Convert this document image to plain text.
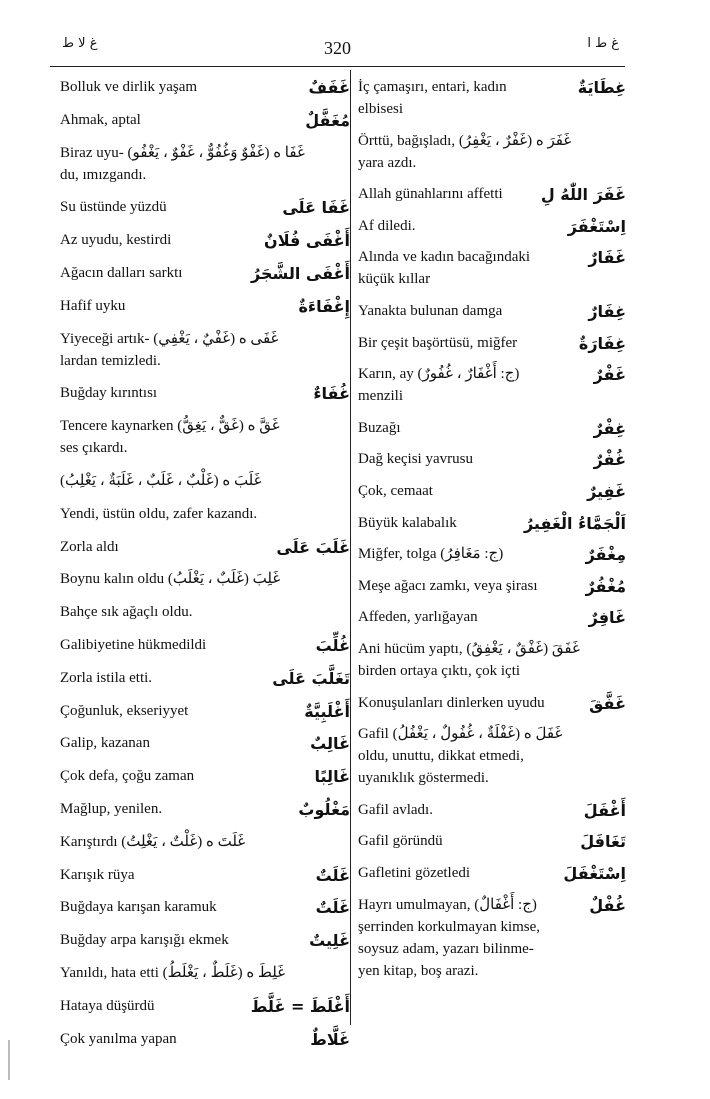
غ لا ط	320	غ ط ا
Bolluk ve dirlik yaşam	غَفَفٌ
Ahmak, aptal	مُغَفَّلٌ
Biraz uyu- (غَفْوٌ وَغُفُوٌّ ، غَفْوٌ ، يَغْفُو) غَفَا ه
du, ımızgandı.
Su üstünde yüzdü	غَفَا عَلَى
Az uyudu, kestirdi	أَغْفَى فُلَانٌ
Ağacın dalları sarktı	أَغْفَى الشَّجَرُ
Hafif uyku	إِغْفَاءَةٌ
Yiyeceği artık- (غَفْيٌ ، يَغْفِي) غَفَى ه
lardan temizledi.
Buğday kırıntısı	غُفَاءٌ
Tencere kaynarken (غَقٌّ ، يَغِقُّ) غَقَّ ه
ses çıkardı.
(غَلْبٌ ، غَلَبٌ ، غَلَبَةٌ ، يَغْلِبُ) غَلَبَ ه
Yendi, üstün oldu, zafer kazandı.
Zorla aldı	غَلَبَ عَلَى
Boynu kalın oldu (غَلَبٌ ، يَغْلَبُ) غَلِبَ
Bahçe sık ağaçlı oldu.
Galibiyetine hükmedildi	غُلِّبَ
Zorla istila etti.	تَغَلَّبَ عَلَى
Çoğunluk, ekseriyyet	أَغْلَبِيَّةٌ
Galip, kazanan	غَالِبٌ
Çok defa, çoğu zaman	غَالِبًا
Mağlup, yenilen.	مَغْلُوبٌ
Karıştırdı (غَلْتٌ ، يَغْلِتُ) غَلَتَ ه
Karışık rüya	غَلَتٌ
Buğdaya karışan karamuk	غَلَتٌ
Buğday arpa karışığı ekmek	غَلِيتٌ
Yanıldı, hata etti (غَلَطٌ ، يَغْلَطُ) غَلِطَ ه
Hataya düşürdü	أَغْلَطَ = غَلَّطَ
Çok yanılma yapan	غَلَّاطٌ
İç çamaşırı, entari, kadın
elbisesi
غِطَايَةٌ
Örttü, bağışladı, (غَفْرٌ ، يَغْفِرُ) غَفَرَ ه
yara azdı.
Allah günahlarını affetti	غَفَرَ اللّٰهُ لِ
Af diledi.	اِسْتَغْفَرَ
Alında ve kadın bacağındaki
küçük kıllar
غَفَارٌ
Yanakta bulunan damga	غِفَارٌ
Bir çeşit başörtüsü, miğfer	غِفَارَةٌ
Karın, ay (ج: أَغْفَارٌ ، غُفُورٌ)
menzili
غَفْرٌ
Buzağı	غِفْرٌ
Dağ keçisi yavrusu	غُفْرٌ
Çok, cemaat	غَفِيرٌ
Büyük kalabalık	اَلْجَمَّاءُ الْغَفِيرُ
Miğfer, tolga (ج: مَغَافِرُ)	مِغْفَرٌ
Meşe ağacı zamkı, veya şirası	مُغْفُرٌ
Affeden, yarlığayan	غَافِرٌ
Ani hücüm yaptı, (غَفْقٌ ، يَغْفِقُ) غَفَقَ
birden ortaya çıktı, çok içti
Konuşulanları dinlerken uyudu	غَفَّقَ
Gafil (غَفْلَةٌ ، غُفُولٌ ، يَغْفُلُ) غَفَلَ ه
oldu, unuttu, dikkat etmedi,
uyanıklık göstermedi.
Gafil avladı.	أَغْفَلَ
Gafil göründü	تَغَافَلَ
Gafletini gözetledi	اِسْتَغْفَلَ
Hayrı umulmayan, (ج: أَغْفَالٌ)
şerrinden korkulmayan kimse,
soysuz adam, yazarı bilinme-
yen kitap, boş arazi.
غُفْلٌ
